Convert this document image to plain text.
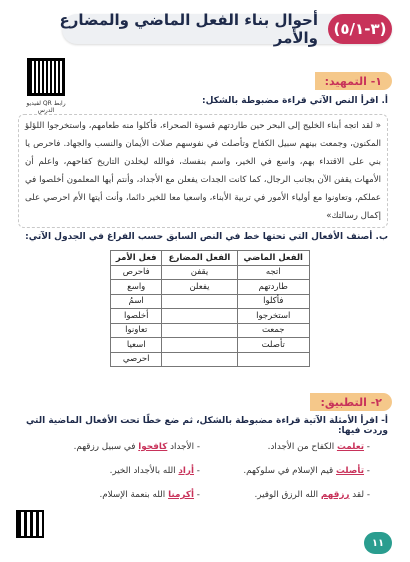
(٣-٥/١)
أحوال بناء الفعل الماضي والمضارع والأمر
رابط QR لفيديو الدرس
١- التمهيد:
أ. اقرأ النص الآتي قراءة مضبوطة بالشكل:
« لقد اتجه أبناء الخليج إلى البحر حين طاردتهم قسوة الصحراء، فأكلوا منه طعامهم، واستخرجوا اللؤلؤ المكنون، وجمعت بينهم سبيل الكفاح وتأصلت في نفوسهم صلات الأيمان والنسب والجهاد. فاحرص يا بني على الاقتداء بهم، واسع في الخير، واسم بنفسك، فوالله ليخلدن التاريخ كفاحهم، واعلم أن الأمهات يقفن الآن بجانب الرجال، كما كانت الجدات يفعلن مع الأجداد، وأنتم أيها المعلمون أخلصوا في عملكم، وتعاونوا مع أولياء الأمور في تربية الأبناء، واسعيا معا للخير دائما، وأنت أيتها الأم احرصي على إكمال رسالتك»
ب. أصنف الأفعال التي تحتها خط في النص السابق حسب الفراغ في الجدول الآتي:
الفعل الماضي	الفعل المضارع	فعل الأمر
اتجه	يقفن	فاحرص
طاردتهم	يفعلن	واسع
فأكلوا		اسمُ
استخرجوا		أخلصوا
جمعت		تعاونوا
تأصلت		اسعيا
		احرصي
٢- التطبيق:
أ- اقرأ الأمثلة الآتية قراءة مضبوطة بالشكل، ثم ضع خطًا تحت الأفعال الماضية التي وردت فيها:
- تعلمت الكفاح من الأجداد.
- الأجداد كافحوا في سبيل رزقهم.
- تأصلت قيم الإسلام في سلوكهم.
- أراد الله بالأجداد الخير.
- لقد رزقهم الله الرزق الوفير.
- أكرمنا الله بنعمة الإسلام.
١١
